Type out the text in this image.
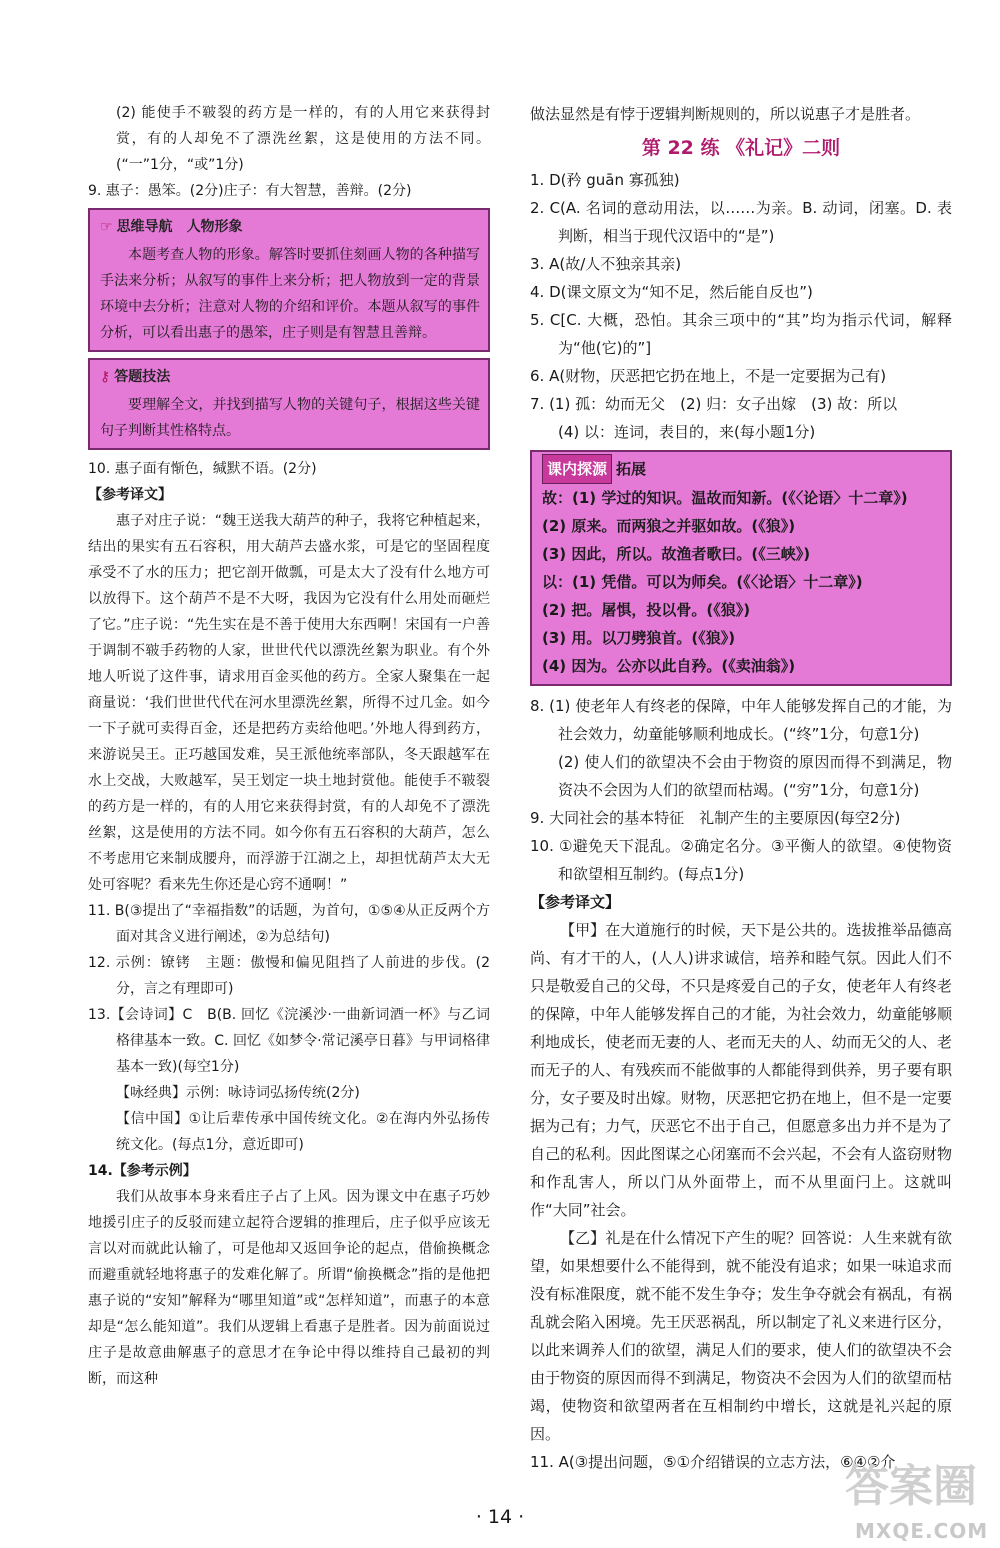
(2) 能使手不皲裂的药方是一样的，有的人用它来获得封赏，有的人却免不了漂洗丝絮，这是使用的方法不同。(“一”1分，“或”1分)

9. 惠子：愚笨。(2分)庄子：有大智慧，善辩。(2分)

☞ 思维导航 人物形象

本题考查人物的形象。解答时要抓住刻画人物的各种描写手法来分析；从叙写的事件上来分析；把人物放到一定的背景环境中去分析；注意对人物的介绍和评价。本题从叙写的事件分析，可以看出惠子的愚笨，庄子则是有智慧且善辩。

⚷ 答题技法

要理解全文，并找到描写人物的关键句子，根据这些关键句子判断其性格特点。

10. 惠子面有惭色，缄默不语。(2分)

【参考译文】

惠子对庄子说：“魏王送我大葫芦的种子，我将它种植起来，结出的果实有五石容积，用大葫芦去盛水浆，可是它的坚固程度承受不了水的压力；把它剖开做瓢，可是太大了没有什么地方可以放得下。这个葫芦不是不大呀，我因为它没有什么用处而砸烂了它。”庄子说：“先生实在是不善于使用大东西啊！宋国有一户善于调制不皲手药物的人家，世世代代以漂洗丝絮为职业。有个外地人听说了这件事，请求用百金买他的药方。全家人聚集在一起商量说：‘我们世世代代在河水里漂洗丝絮，所得不过几金。如今一下子就可卖得百金，还是把药方卖给他吧。’外地人得到药方，来游说吴王。正巧越国发难，吴王派他统率部队，冬天跟越军在水上交战，大败越军，吴王划定一块土地封赏他。能使手不皲裂的药方是一样的，有的人用它来获得封赏，有的人却免不了漂洗丝絮，这是使用的方法不同。如今你有五石容积的大葫芦，怎么不考虑用它来制成腰舟，而浮游于江湖之上，却担忧葫芦太大无处可容呢？看来先生你还是心窍不通啊！”

11. B(③提出了“幸福指数”的话题，为首句，①⑤④从正反两个方面对其含义进行阐述，②为总结句)

12. 示例：镣铐　主题：傲慢和偏见阻挡了人前进的步伐。(2分，言之有理即可)

13.【会诗词】C　B(B. 回忆《浣溪沙·一曲新词酒一杯》与乙词格律基本一致。C. 回忆《如梦令·常记溪亭日暮》与甲词格律基本一致)(每空1分)

【咏经典】示例：咏诗词弘扬传统(2分)

【信中国】①让后辈传承中国传统文化。②在海内外弘扬传统文化。(每点1分，意近即可)

14.【参考示例】

我们从故事本身来看庄子占了上风。因为课文中在惠子巧妙地援引庄子的反驳而建立起符合逻辑的推理后，庄子似乎应该无言以对而就此认输了，可是他却又返回争论的起点，借偷换概念而避重就轻地将惠子的发难化解了。所谓“偷换概念”指的是他把惠子说的“安知”解释为“哪里知道”或“怎样知道”，而惠子的本意却是“怎么能知道”。我们从逻辑上看惠子是胜者。因为前面说过庄子是故意曲解惠子的意思才在争论中得以维持自己最初的判断，而这种

做法显然是有悖于逻辑判断规则的，所以说惠子才是胜者。

第 22 练 《礼记》二则

1. D(矜 guān 寡孤独)

2. C(A. 名词的意动用法，以……为亲。B. 动词，闭塞。D. 表判断，相当于现代汉语中的“是”)

3. A(故/人不独亲其亲)

4. D(课文原文为“知不足，然后能自反也”)

5. C[C. 大概，恐怕。其余三项中的“其”均为指示代词，解释为“他(它)的”]

6. A(财物，厌恶把它扔在地上，不是一定要据为己有)

7. (1) 孤：幼而无父　(2) 归：女子出嫁　(3) 故：所以

(4) 以：连词，表目的，来(每小题1分)

课内探源 拓展

故：(1) 学过的知识。温故而知新。(《〈论语〉十二章》)

(2) 原来。而两狼之并驱如故。(《狼》)

(3) 因此，所以。故渔者歌曰。(《三峡》)

以：(1) 凭借。可以为师矣。(《〈论语〉十二章》)

(2) 把。屠惧，投以骨。(《狼》)

(3) 用。以刀劈狼首。(《狼》)

(4) 因为。公亦以此自矜。(《卖油翁》)

8. (1) 使老年人有终老的保障，中年人能够发挥自己的才能，为社会效力，幼童能够顺利地成长。(“终”1分，句意1分)

(2) 使人们的欲望决不会由于物资的原因而得不到满足，物资决不会因为人们的欲望而枯竭。(“穷”1分，句意1分)

9. 大同社会的基本特征　礼制产生的主要原因(每空2分)

10. ①避免天下混乱。②确定名分。③平衡人的欲望。④使物资和欲望相互制约。(每点1分)

【参考译文】

【甲】在大道施行的时候，天下是公共的。选拔推举品德高尚、有才干的人，(人人)讲求诚信，培养和睦气氛。因此人们不只是敬爱自己的父母，不只是疼爱自己的子女，使老年人有终老的保障，中年人能够发挥自己的才能，为社会效力，幼童能够顺利地成长，使老而无妻的人、老而无夫的人、幼而无父的人、老而无子的人、有残疾而不能做事的人都能得到供养，男子要有职分，女子要及时出嫁。财物，厌恶把它扔在地上，但不是一定要据为己有；力气，厌恶它不出于自己，但愿意多出力并不是为了自己的私利。因此图谋之心闭塞而不会兴起，不会有人盗窃财物和作乱害人，所以门从外面带上，而不从里面闩上。这就叫作“大同”社会。

【乙】礼是在什么情况下产生的呢？回答说：人生来就有欲望，如果想要什么不能得到，就不能没有追求；如果一味追求而没有标准限度，就不能不发生争夺；发生争夺就会有祸乱，有祸乱就会陷入困境。先王厌恶祸乱，所以制定了礼义来进行区分，以此来调养人们的欲望，满足人们的要求，使人们的欲望决不会由于物资的原因而得不到满足，物资决不会因为人们的欲望而枯竭，使物资和欲望两者在互相制约中增长，这就是礼兴起的原因。

11. A(③提出问题，⑤①介绍错误的立志方法，⑥④②介

· 14 ·
答案圈
MXQE.COM
